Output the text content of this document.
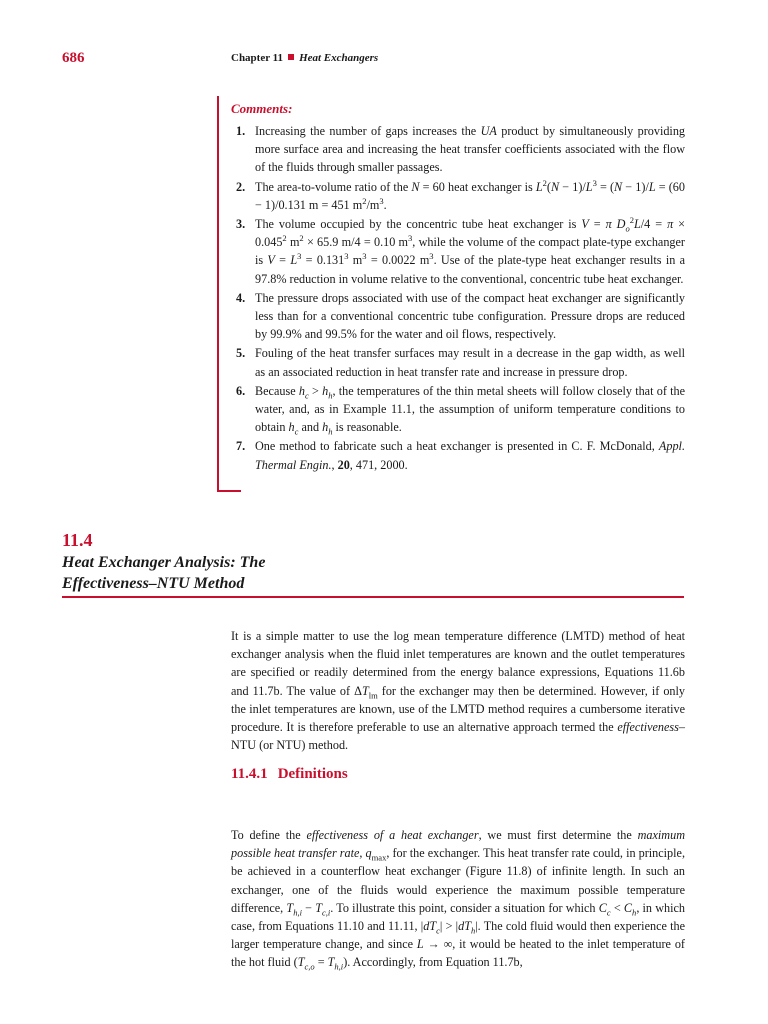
686	Chapter 11 Heat Exchangers
Comments:
1. Increasing the number of gaps increases the UA product by simultaneously providing more surface area and increasing the heat transfer coefficients associated with the flow of the fluids through smaller passages.
2. The area-to-volume ratio of the N = 60 heat exchanger is $L^2(N - 1)/L^3 = (N - 1)/L = (60 - 1)/0.131$ m = 451 $m^2/m^3$.
3. The volume occupied by the concentric tube heat exchanger is V = π $D_o^2L/4 = \pi \times 0.045^2$ $m^2 \times 65.9$ m/4 = 0.10 $m^3$, while the volume of the compact plate-type exchanger is $V = L^3 = 0.131^3$ $m^3 = 0.0022$ $m^3$. Use of the plate-type heat exchanger results in a 97.8% reduction in volume relative to the conventional, concentric tube heat exchanger.
4. The pressure drops associated with use of the compact heat exchanger are significantly less than for a conventional concentric tube configuration. Pressure drops are reduced by 99.9% and 99.5% for the water and oil flows, respectively.
5. Fouling of the heat transfer surfaces may result in a decrease in the gap width, as well as an associated reduction in heat transfer rate and increase in pressure drop.
6. Because $h_c > h_h$, the temperatures of the thin metal sheets will follow closely that of the water, and, as in Example 11.1, the assumption of uniform temperature conditions to obtain $h_c$ and $h_h$ is reasonable.
7. One method to fabricate such a heat exchanger is presented in C. F. McDonald, Appl. Thermal Engin., 20, 471, 2000.
11.4
Heat Exchanger Analysis: The
Effectiveness–NTU Method
It is a simple matter to use the log mean temperature difference (LMTD) method of heat exchanger analysis when the fluid inlet temperatures are known and the outlet temperatures are specified or readily determined from the energy balance expressions, Equations 11.6b and 11.7b. The value of $\Delta T_{lm}$ for the exchanger may then be determined. However, if only the inlet temperatures are known, use of the LMTD method requires a cumbersome iterative procedure. It is therefore preferable to use an alternative approach termed the effectiveness–NTU (or NTU) method.
11.4.1 Definitions
To define the effectiveness of a heat exchanger, we must first determine the maximum possible heat transfer rate, $q_{max}$, for the exchanger. This heat transfer rate could, in principle, be achieved in a counterflow heat exchanger (Figure 11.8) of infinite length. In such an exchanger, one of the fluids would experience the maximum possible temperature difference, $T_{h,i} - T_{c,i}$. To illustrate this point, consider a situation for which $C_c < C_h$, in which case, from Equations 11.10 and 11.11, $|dT_c| > |dT_h|$. The cold fluid would then experience the larger temperature change, and since L → ∞, it would be heated to the inlet temperature of the hot fluid $(T_{c,o} = T_{h,i})$. Accordingly, from Equation 11.7b,
